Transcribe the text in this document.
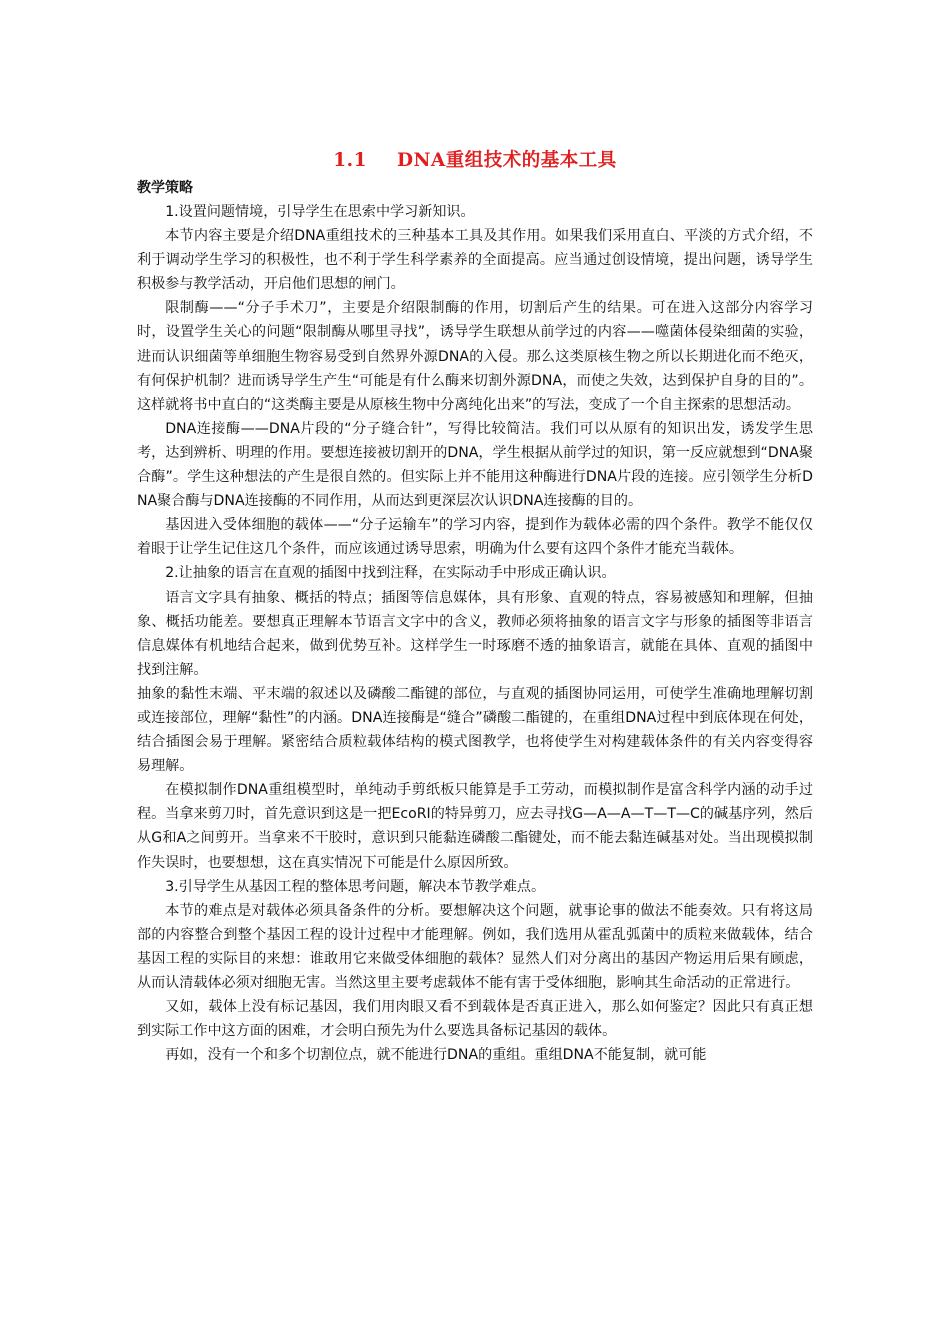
1.1 DNA重组技术的基本工具
教学策略

1.设置问题情境，引导学生在思索中学习新知识。

本节内容主要是介绍DNA重组技术的三种基本工具及其作用。如果我们采用直白、平淡的方式介绍，不利于调动学生学习的积极性，也不利于学生科学素养的全面提高。应当通过创设情境，提出问题，诱导学生积极参与教学活动，开启他们思想的闸门。

限制酶——“分子手术刀”，主要是介绍限制酶的作用，切割后产生的结果。可在进入这部分内容学习时，设置学生关心的问题“限制酶从哪里寻找”，诱导学生联想从前学过的内容——噬菌体侵染细菌的实验，进而认识细菌等单细胞生物容易受到自然界外源DNA的入侵。那么这类原核生物之所以长期进化而不绝灭，有何保护机制？进而诱导学生产生“可能是有什么酶来切割外源DNA，而使之失效，达到保护自身的目的”。这样就将书中直白的“这类酶主要是从原核生物中分离纯化出来”的写法，变成了一个自主探索的思想活动。

DNA连接酶——DNA片段的“分子缝合针”，写得比较简洁。我们可以从原有的知识出发，诱发学生思考，达到辨析、明理的作用。要想连接被切割开的DNA，学生根据从前学过的知识，第一反应就想到“DNA聚合酶”。学生这种想法的产生是很自然的。但实际上并不能用这种酶进行DNA片段的连接。应引领学生分析DNA聚合酶与DNA连接酶的不同作用，从而达到更深层次认识DNA连接酶的目的。

基因进入受体细胞的载体——“分子运输车”的学习内容，提到作为载体必需的四个条件。教学不能仅仅着眼于让学生记住这几个条件，而应该通过诱导思索，明确为什么要有这四个条件才能充当载体。

2.让抽象的语言在直观的插图中找到注释，在实际动手中形成正确认识。

语言文字具有抽象、概括的特点；插图等信息媒体，具有形象、直观的特点，容易被感知和理解，但抽象、概括功能差。要想真正理解本节语言文字中的含义，教师必须将抽象的语言文字与形象的插图等非语言信息媒体有机地结合起来，做到优势互补。这样学生一时琢磨不透的抽象语言，就能在具体、直观的插图中找到注解。

抽象的黏性末端、平末端的叙述以及磷酸二酯键的部位，与直观的插图协同运用，可使学生准确地理解切割或连接部位，理解“黏性”的内涵。DNA连接酶是“缝合”磷酸二酯键的，在重组DNA过程中到底体现在何处，结合插图会易于理解。紧密结合质粒载体结构的模式图教学，也将使学生对构建载体条件的有关内容变得容易理解。

在模拟制作DNA重组模型时，单纯动手剪纸板只能算是手工劳动，而模拟制作是富含科学内涵的动手过程。当拿来剪刀时，首先意识到这是一把EcoRI的特异剪刀，应去寻找G—A—A—T—T—C的碱基序列，然后从G和A之间剪开。当拿来不干胶时，意识到只能黏连磷酸二酯键处，而不能去黏连碱基对处。当出现模拟制作失误时，也要想想，这在真实情况下可能是什么原因所致。

3.引导学生从基因工程的整体思考问题，解决本节教学难点。

本节的难点是对载体必须具备条件的分析。要想解决这个问题，就事论事的做法不能奏效。只有将这局部的内容整合到整个基因工程的设计过程中才能理解。例如，我们选用从霍乱弧菌中的质粒来做载体，结合基因工程的实际目的来想：谁敢用它来做受体细胞的载体？显然人们对分离出的基因产物运用后果有顾虑，从而认清载体必须对细胞无害。当然这里主要考虑载体不能有害于受体细胞，影响其生命活动的正常进行。

又如，载体上没有标记基因，我们用肉眼又看不到载体是否真正进入，那么如何鉴定？因此只有真正想到实际工作中这方面的困难，才会明白预先为什么要选具备标记基因的载体。

再如，没有一个和多个切割位点，就不能进行DNA的重组。重组DNA不能复制，就可能
